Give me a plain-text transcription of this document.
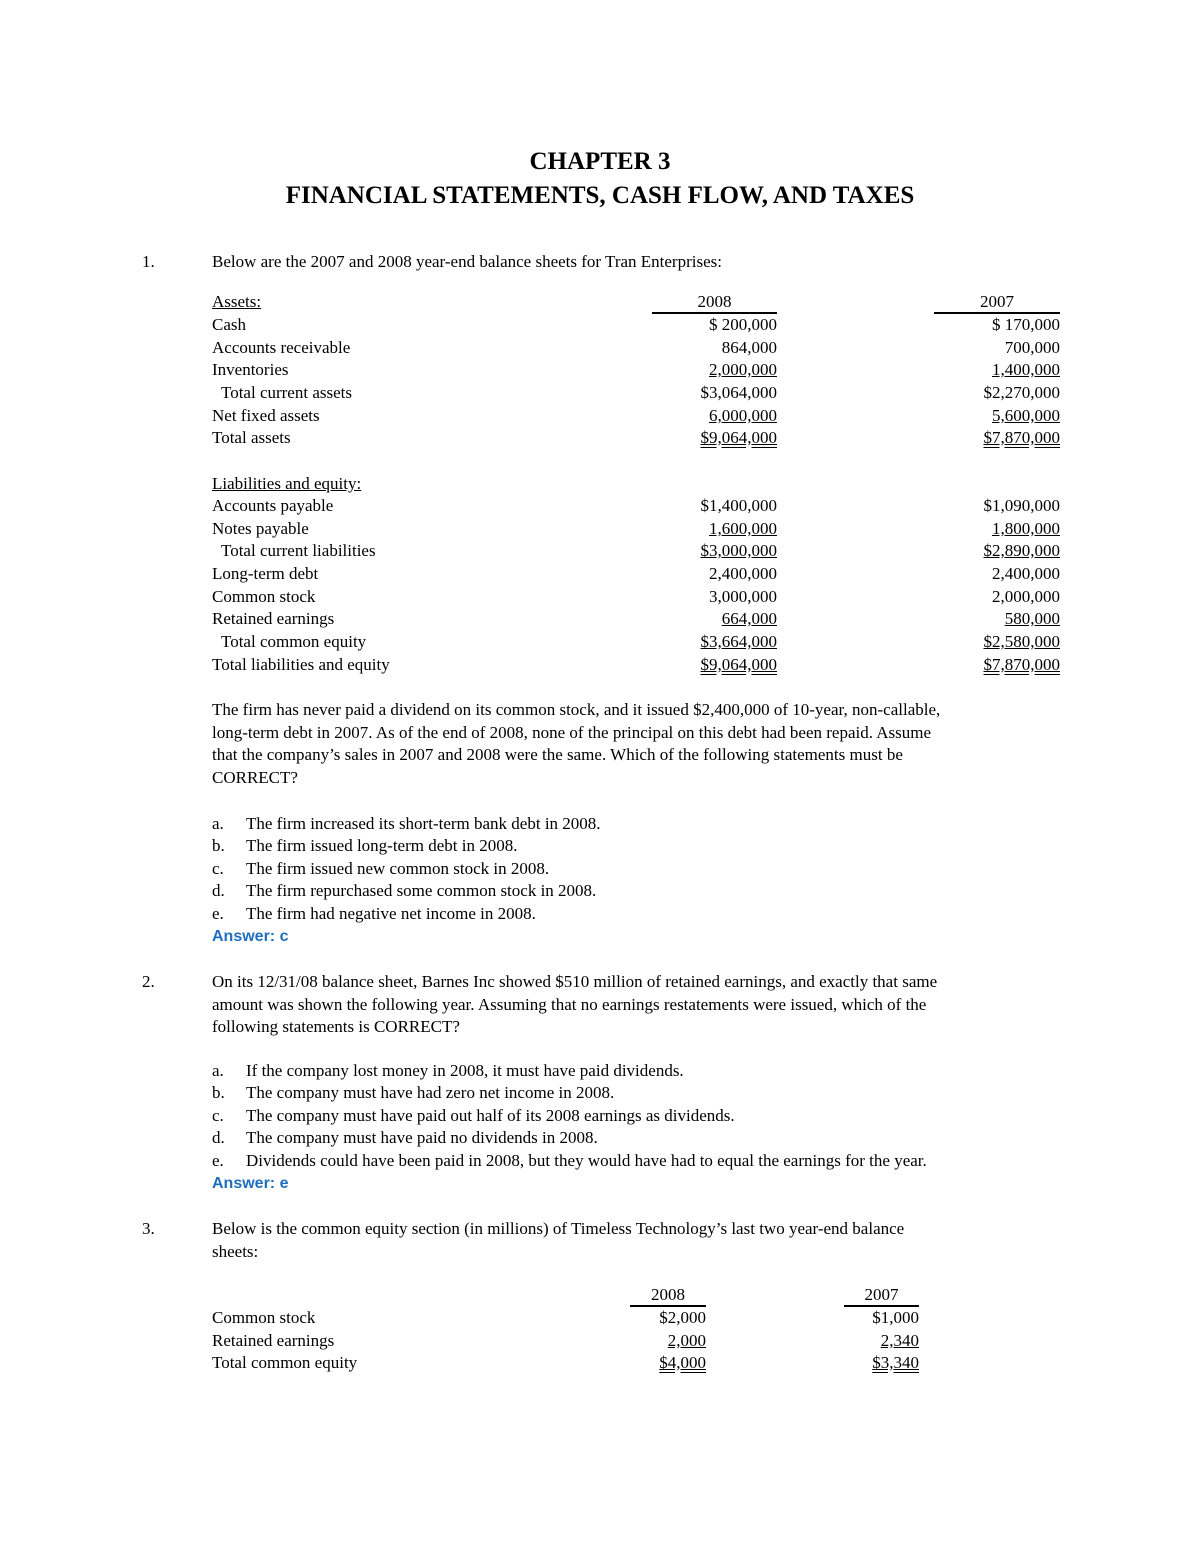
CHAPTER 3
FINANCIAL STATEMENTS, CASH FLOW, AND TAXES
1.	Below are the 2007 and 2008 year-end balance sheets for Tran Enterprises:
Assets:	2008	2007
Cash	$ 200,000	$ 170,000
Accounts receivable	864,000	700,000
Inventories	2,000,000	1,400,000
Total current assets	$3,064,000	$2,270,000
Net fixed assets	6,000,000	5,600,000
Total assets	$9,064,000	$7,870,000
Liabilities and equity:
Accounts payable	$1,400,000	$1,090,000
Notes payable	1,600,000	1,800,000
Total current liabilities	$3,000,000	$2,890,000
Long-term debt	2,400,000	2,400,000
Common stock	3,000,000	2,000,000
Retained earnings	664,000	580,000
Total common equity	$3,664,000	$2,580,000
Total liabilities and equity	$9,064,000	$7,870,000
The firm has never paid a dividend on its common stock, and it issued $2,400,000 of 10-year, non-callable,
long-term debt in 2007. As of the end of 2008, none of the principal on this debt had been repaid. Assume
that the company’s sales in 2007 and 2008 were the same. Which of the following statements must be
CORRECT?
a. The firm increased its short-term bank debt in 2008.
b. The firm issued long-term debt in 2008.
c. The firm issued new common stock in 2008.
d. The firm repurchased some common stock in 2008.
e. The firm had negative net income in 2008.
Answer: c
2.	On its 12/31/08 balance sheet, Barnes Inc showed $510 million of retained earnings, and exactly that same
amount was shown the following year. Assuming that no earnings restatements were issued, which of the
following statements is CORRECT?
a. If the company lost money in 2008, it must have paid dividends.
b. The company must have had zero net income in 2008.
c. The company must have paid out half of its 2008 earnings as dividends.
d. The company must have paid no dividends in 2008.
e. Dividends could have been paid in 2008, but they would have had to equal the earnings for the year.
Answer: e
3.	Below is the common equity section (in millions) of Timeless Technology’s last two year-end balance
sheets:
2008	2007
Common stock	$2,000	$1,000
Retained earnings	2,000	2,340
Total common equity	$4,000	$3,340
